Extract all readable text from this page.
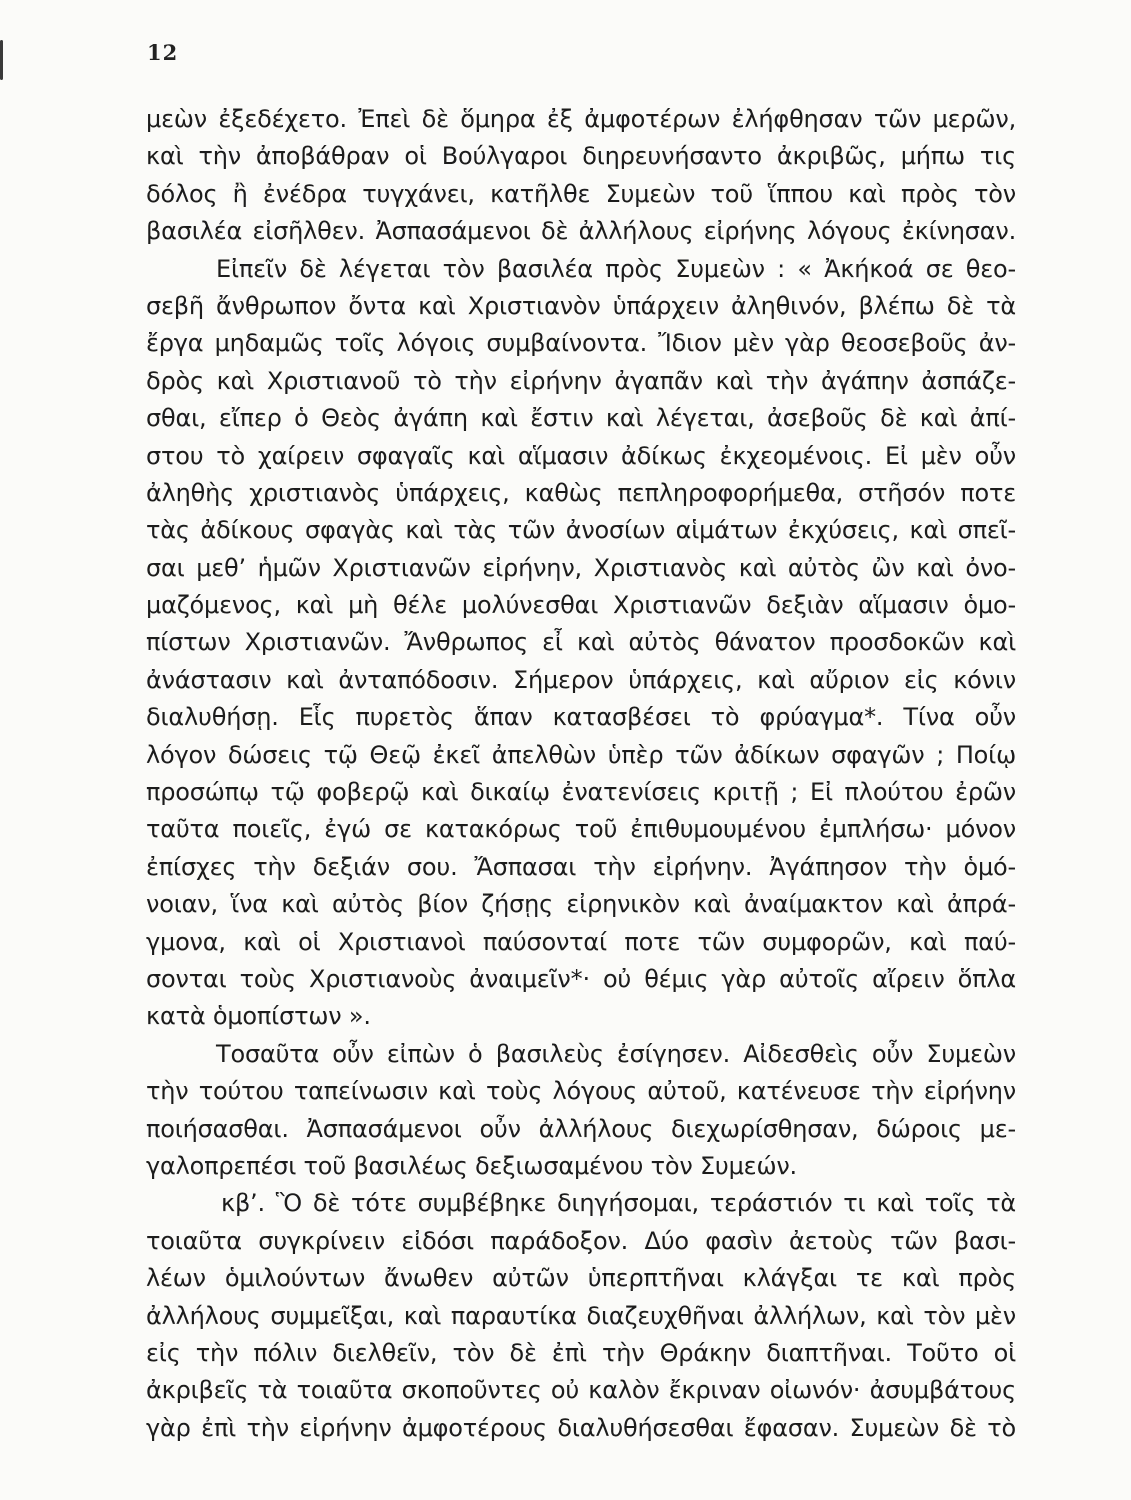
12
μεὼν ἐξεδέχετο. Ἐπεὶ δὲ ὅμηρα ἐξ ἀμφοτέρων ἐλήφθησαν τῶν μερῶν,
καὶ τὴν ἀποβάθραν οἱ Βούλγαροι διηρευνήσαντο ἀκριβῶς, μήπω τις
δόλος ἢ ἐνέδρα τυγχάνει, κατῆλθε Συμεὼν τοῦ ἵππου καὶ πρὸς τὸν
βασιλέα εἰσῆλθεν. Ἀσπασάμενοι δὲ ἀλλήλους εἰρήνης λόγους ἐκίνησαν.
Εἰπεῖν δὲ λέγεται τὸν βασιλέα πρὸς Συμεὼν : « Ἀκήκοά σε θεο-
σεβῆ ἄνθρωπον ὄντα καὶ Χριστιανὸν ὑπάρχειν ἀληθινόν, βλέπω δὲ τὰ
ἔργα μηδαμῶς τοῖς λόγοις συμβαίνοντα. Ἴδιον μὲν γὰρ θεοσεβοῦς ἀν-
δρὸς καὶ Χριστιανοῦ τὸ τὴν εἰρήνην ἀγαπᾶν καὶ τὴν ἀγάπην ἀσπάζε-
σθαι, εἴπερ ὁ Θεὸς ἀγάπη καὶ ἔστιν καὶ λέγεται, ἀσεβοῦς δὲ καὶ ἀπί-
στου τὸ χαίρειν σφαγαῖς καὶ αἵμασιν ἀδίκως ἐκχεομένοις. Εἰ μὲν οὖν
ἀληθὴς χριστιανὸς ὑπάρχεις, καθὼς πεπληροφορήμεθα, στῆσόν ποτε
τὰς ἀδίκους σφαγὰς καὶ τὰς τῶν ἀνοσίων αἱμάτων ἐκχύσεις, καὶ σπεῖ-
σαι μεθ’ ἡμῶν Χριστιανῶν εἰρήνην, Χριστιανὸς καὶ αὐτὸς ὢν καὶ ὀνο-
μαζόμενος, καὶ μὴ θέλε μολύνεσθαι Χριστιανῶν δεξιὰν αἵμασιν ὁμο-
πίστων Χριστιανῶν. Ἄνθρωπος εἶ καὶ αὐτὸς θάνατον προσδοκῶν καὶ
ἀνάστασιν καὶ ἀνταπόδοσιν. Σήμερον ὑπάρχεις, καὶ αὔριον εἰς κόνιν
διαλυθήσῃ. Εἷς πυρετὸς ἅπαν κατασβέσει τὸ φρύαγμα*. Τίνα οὖν
λόγον δώσεις τῷ Θεῷ ἐκεῖ ἀπελθὼν ὑπὲρ τῶν ἀδίκων σφαγῶν ; Ποίῳ
προσώπῳ τῷ φοβερῷ καὶ δικαίῳ ἐνατενίσεις κριτῇ ; Εἰ πλούτου ἐρῶν
ταῦτα ποιεῖς, ἐγώ σε κατακόρως τοῦ ἐπιθυμουμένου ἐμπλήσω· μόνον
ἐπίσχες τὴν δεξιάν σου. Ἄσπασαι τὴν εἰρήνην. Ἀγάπησον τὴν ὁμό-
νοιαν, ἵνα καὶ αὐτὸς βίον ζήσῃς εἰρηνικὸν καὶ ἀναίμακτον καὶ ἀπρά-
γμονα, καὶ οἱ Χριστιανοὶ παύσονταί ποτε τῶν συμφορῶν, καὶ παύ-
σονται τοὺς Χριστιανοὺς ἀναιμεῖν*· οὐ θέμις γὰρ αὐτοῖς αἴρειν ὅπλα
κατὰ ὁμοπίστων ».
Τοσαῦτα οὖν εἰπὼν ὁ βασιλεὺς ἐσίγησεν. Αἰδεσθεὶς οὖν Συμεὼν
τὴν τούτου ταπείνωσιν καὶ τοὺς λόγους αὐτοῦ, κατένευσε τὴν εἰρήνην
ποιήσασθαι. Ἀσπασάμενοι οὖν ἀλλήλους διεχωρίσθησαν, δώροις με-
γαλοπρεπέσι τοῦ βασιλέως δεξιωσαμένου τὸν Συμεών.
κβ’. Ὃ δὲ τότε συμβέβηκε διηγήσομαι, τεράστιόν τι καὶ τοῖς τὰ
τοιαῦτα συγκρίνειν εἰδόσι παράδοξον. Δύο φασὶν ἀετοὺς τῶν βασι-
λέων ὁμιλούντων ἄνωθεν αὐτῶν ὑπερπτῆναι κλάγξαι τε καὶ πρὸς
ἀλλήλους συμμεῖξαι, καὶ παραυτίκα διαζευχθῆναι ἀλλήλων, καὶ τὸν μὲν
εἰς τὴν πόλιν διελθεῖν, τὸν δὲ ἐπὶ τὴν Θράκην διαπτῆναι. Τοῦτο οἱ
ἀκριβεῖς τὰ τοιαῦτα σκοποῦντες οὐ καλὸν ἔκριναν οἰωνόν· ἀσυμβάτους
γὰρ ἐπὶ τὴν εἰρήνην ἀμφοτέρους διαλυθήσεσθαι ἔφασαν. Συμεὼν δὲ τὸ
